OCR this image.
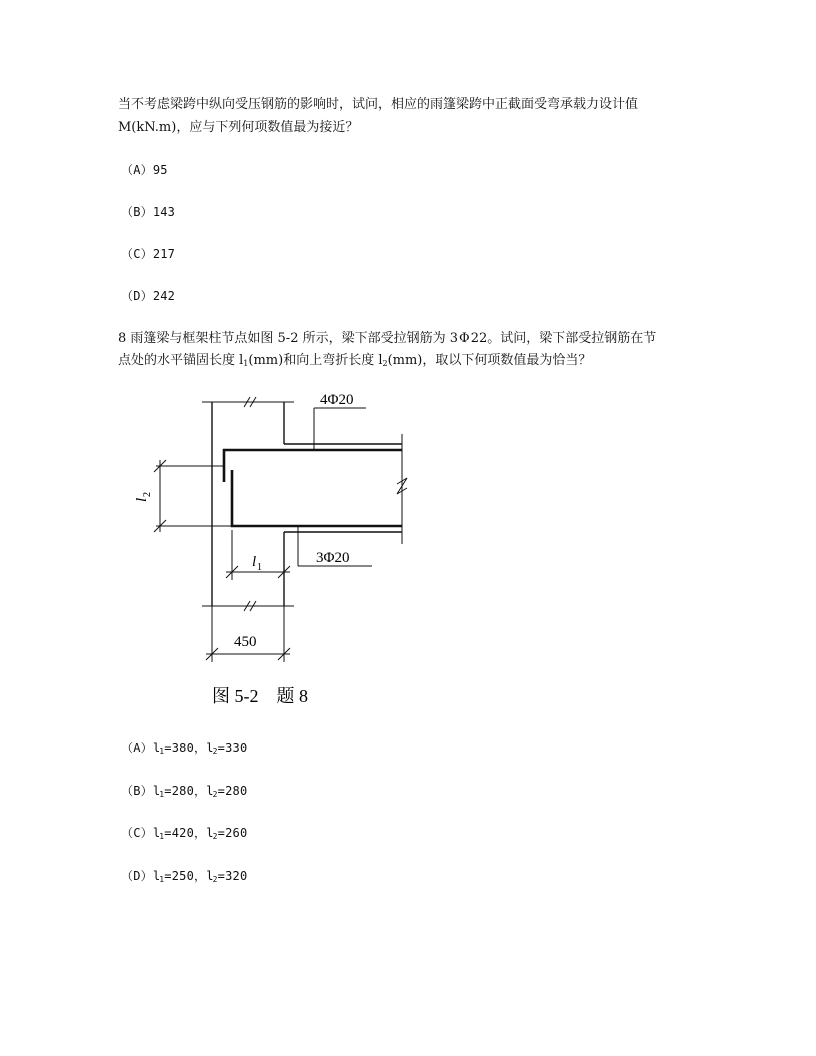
当不考虑梁跨中纵向受压钢筋的影响时，试问，相应的雨篷梁跨中正截面受弯承载力设计值
M(kN.m)，应与下列何项数值最为接近？
（A）95
（B）143
（C）217
（D）242
8 雨篷梁与框架柱节点如图 5-2 所示，梁下部受拉钢筋为 3Φ22。试问，梁下部受拉钢筋在节
点处的水平锚固长度 l1(mm)和向上弯折长度 l2(mm)，取以下何项数值最为恰当？
4Φ20
3Φ20
l
2
l 1
450
图 5-2　题 8
$(A)l_1=380$，$l_2=330$
$(B)l_1=280$，$l_2=280$
$(C)l_1=420$，$l_2=260$
$(D)l_1=250$，$l_2=320$
